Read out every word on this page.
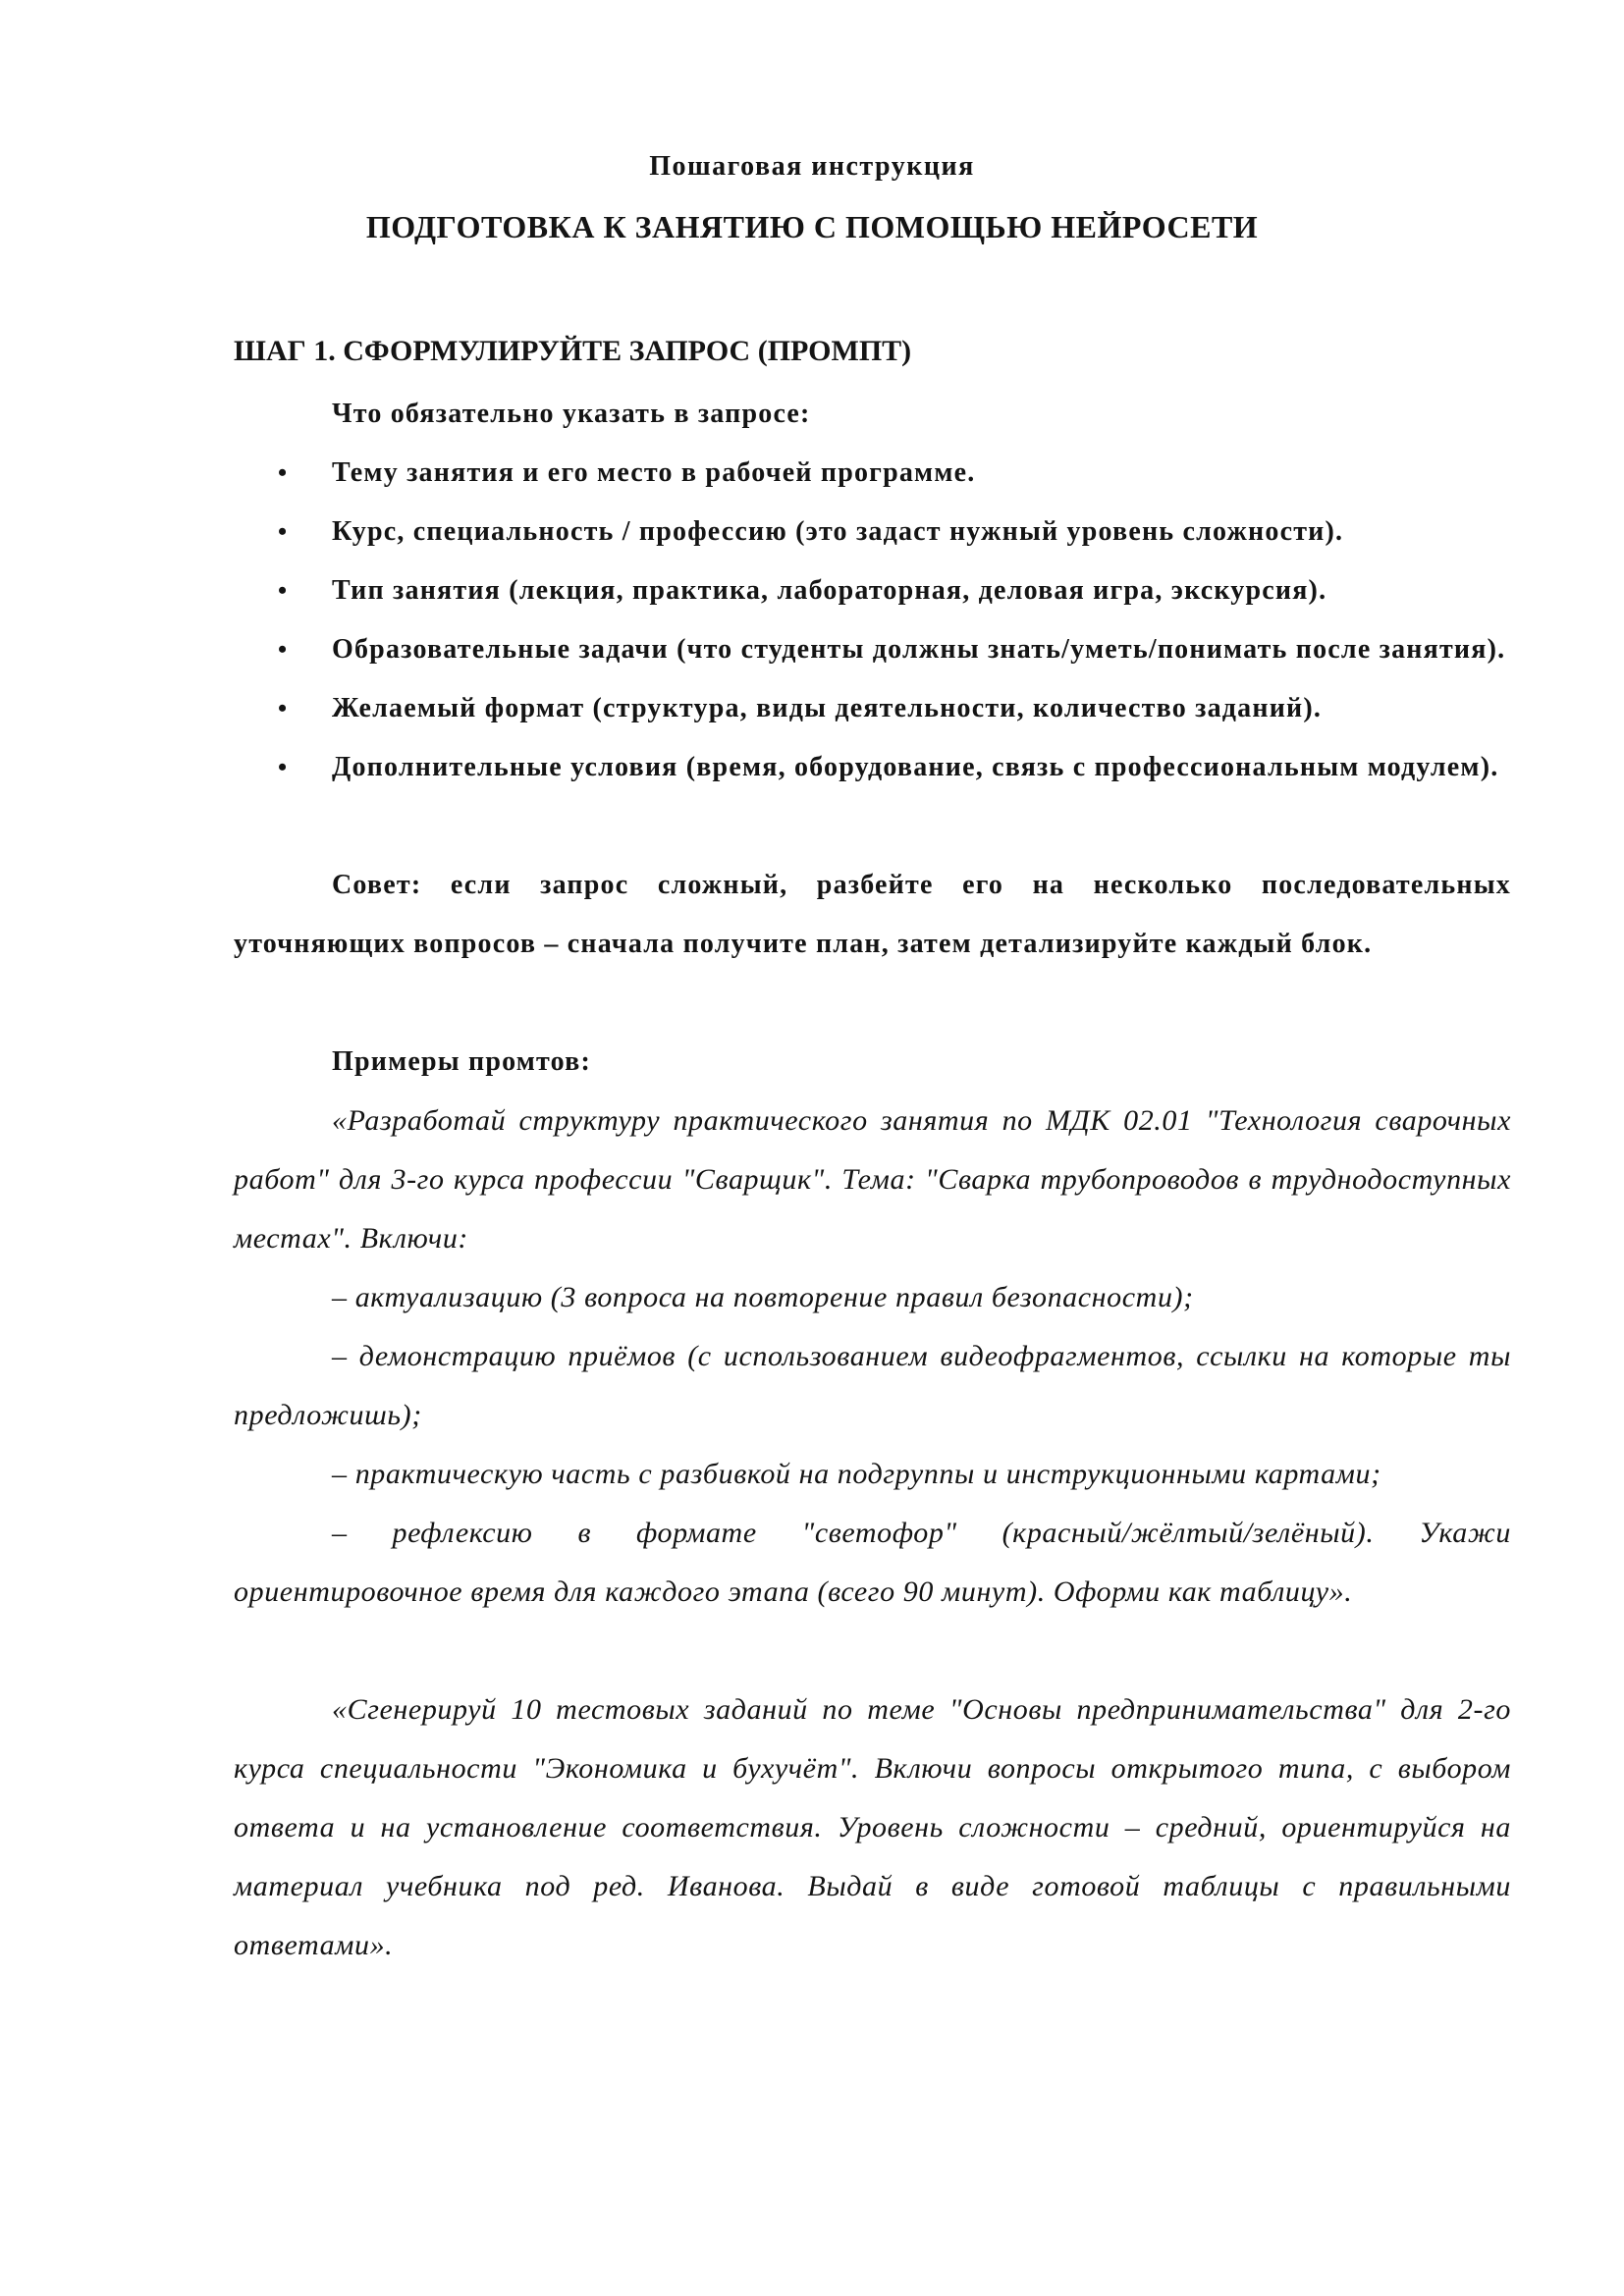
Пошаговая инструкция

ПОДГОТОВКА К ЗАНЯТИЮ С ПОМОЩЬЮ НЕЙРОСЕТИ

ШАГ 1. СФОРМУЛИРУЙТЕ ЗАПРОС (ПРОМПТ)

Что обязательно указать в запросе:

• Тему занятия и его место в рабочей программе.
• Курс, специальность / профессию (это задаст нужный уровень сложности).
• Тип занятия (лекция, практика, лабораторная, деловая игра, экскурсия).
• Образовательные задачи (что студенты должны знать/уметь/понимать после занятия).
• Желаемый формат (структура, виды деятельности, количество заданий).
• Дополнительные условия (время, оборудование, связь с профессиональным модулем).

Совет: если запрос сложный, разбейте его на несколько последовательных уточняющих вопросов – сначала получите план, затем детализируйте каждый блок.

Примеры промтов:

«Разработай структуру практического занятия по МДК 02.01 "Технология сварочных работ" для 3-го курса профессии "Сварщик". Тема: "Сварка трубопроводов в труднодоступных местах". Включи:

– актуализацию (3 вопроса на повторение правил безопасности);

– демонстрацию приёмов (с использованием видеофрагментов, ссылки на которые ты предложишь);

– практическую часть с разбивкой на подгруппы и инструкционными картами;

– рефлексию в формате "светофор" (красный/жёлтый/зелёный). Укажи ориентировочное время для каждого этапа (всего 90 минут). Оформи как таблицу».

«Сгенерируй 10 тестовых заданий по теме "Основы предпринимательства" для 2-го курса специальности "Экономика и бухучёт". Включи вопросы открытого типа, с выбором ответа и на установление соответствия. Уровень сложности – средний, ориентируйся на материал учебника под ред. Иванова. Выдай в виде готовой таблицы с правильными ответами».
